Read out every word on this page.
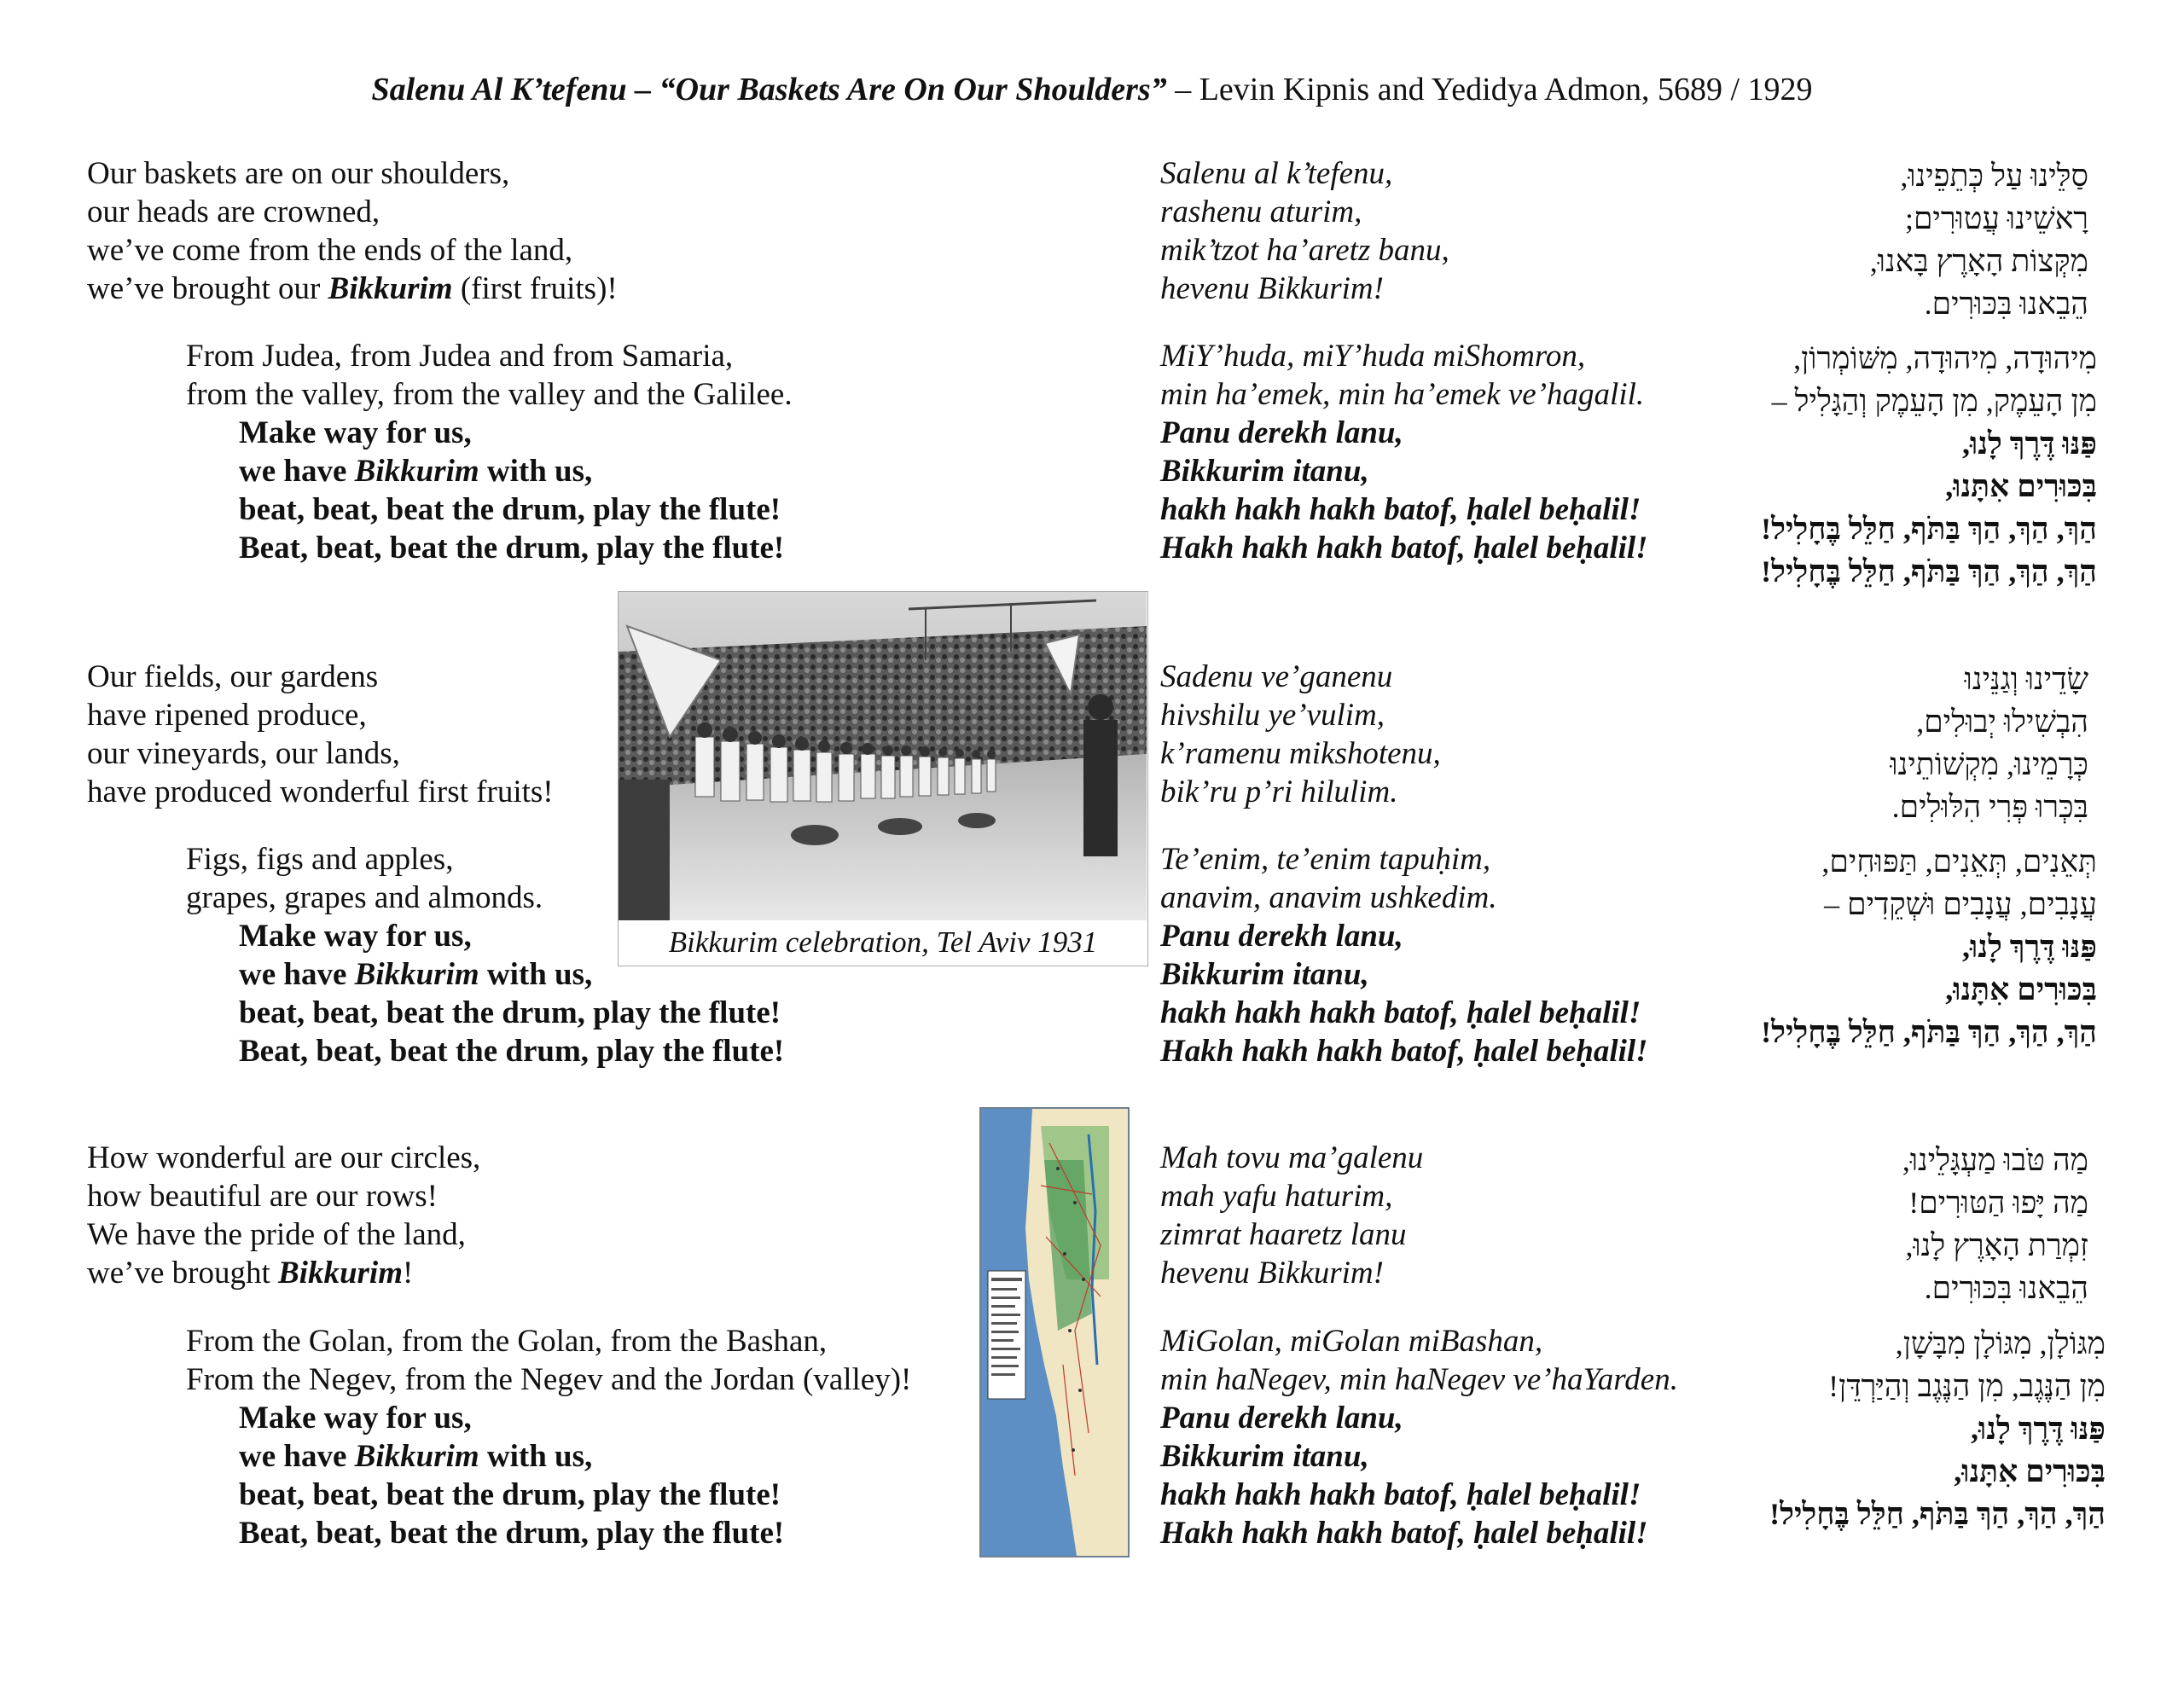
Salenu Al K’tefenu – “Our Baskets Are On Our Shoulders” – Levin Kipnis and Yedidya Admon, 5689 / 1929
Our baskets are on our shoulders,
our heads are crowned,
we’ve come from the ends of the land,
we’ve brought our Bikkurim (first fruits)!
Salenu al k’tefenu,
rashenu aturim,
mik’tzot ha’aretz banu,
hevenu Bikkurim!
סַלֵּינוּ עַל כְּתֵפֵינוּ,
רָאשֵׁינוּ עֲטוּרִים;
מִקְּצוֹת הָאָרֶץ בָּאנוּ,
הֵבֵאנוּ בִּכּוּרִים.
From Judea, from Judea and from Samaria,
from the valley, from the valley and the Galilee.
Make way for us,
we have Bikkurim with us,
beat, beat, beat the drum, play the flute!
Beat, beat, beat the drum, play the flute!
MiY’huda, miY’huda miShomron,
min ha’emek, min ha’emek ve’hagalil.
Panu derekh lanu,
Bikkurim itanu,
hakh hakh hakh batof, ḥalel beḥalil!
Hakh hakh hakh batof, ḥalel beḥalil!
מִיהוּדָה, מִיהוּדָה, מִשּׁוֹמְרוֹן,
מִן הָעֵמֶק, מִן הָעֵמֶק וְהַגָּלִיל –
פַּנּוּ דֶּרֶךְ לָנוּ,
בִּכּוּרִים אִתָּנוּ,
הַךְ, הַךְ, הַךְ בַּתֹּף, חַלֵּל בֶּחָלִיל!
הַךְ, הַךְ, הַךְ בַּתֹּף, חַלֵּל בֶּחָלִיל!
Bikkurim celebration, Tel Aviv 1931
Our fields, our gardens
have ripened produce,
our vineyards, our lands,
have produced wonderful first fruits!
Sadenu ve’ganenu
hivshilu ye’vulim,
k’ramenu mikshotenu,
bik’ru p’ri hilulim.
שָׂדֵינוּ וְגַנֵּינוּ
הִבְשִׁילוּ יְבוּלִים,
כְּרָמֵינוּ, מִקְשׁוֹתֵינוּ
בִּכְּרוּ פְּרִי הִלּוּלִים.
Figs, figs and apples,
grapes, grapes and almonds.
Make way for us,
we have Bikkurim with us,
beat, beat, beat the drum, play the flute!
Beat, beat, beat the drum, play the flute!
Te’enim, te’enim tapuḥim,
anavim, anavim ushkedim.
Panu derekh lanu,
Bikkurim itanu,
hakh hakh hakh batof, ḥalel beḥalil!
Hakh hakh hakh batof, ḥalel beḥalil!
תְּאֵנִים, תְּאֵנִים, תַּפּוּחִים,
עֲנָבִים, עֲנָבִים וּשְׁקֵדִים –
פַּנּוּ דֶּרֶךְ לָנוּ,
בִּכּוּרִים אִתָּנוּ,
הַךְ, הַךְ, הַךְ בַּתֹּף, חַלֵּל בֶּחָלִיל!
How wonderful are our circles,
how beautiful are our rows!
We have the pride of the land,
we’ve brought Bikkurim!
Mah tovu ma’galenu
mah yafu haturim,
zimrat haaretz lanu
hevenu Bikkurim!
מַה טֹּבוּ מַעְגָּלֵינוּ,
מַה יָּפוּ הַטּוּרִים!
זִמְרַת הָאָרֶץ לָנוּ,
הֵבֵאנוּ בִּכּוּרִים.
From the Golan, from the Golan, from the Bashan,
From the Negev, from the Negev and the Jordan (valley)!
Make way for us,
we have Bikkurim with us,
beat, beat, beat the drum, play the flute!
Beat, beat, beat the drum, play the flute!
MiGolan, miGolan miBashan,
min haNegev, min haNegev ve’haYarden.
Panu derekh lanu,
Bikkurim itanu,
hakh hakh hakh batof, ḥalel beḥalil!
Hakh hakh hakh batof, ḥalel beḥalil!
מִגּוֹלָן, מִגּוֹלָן מִבָּשָׁן,
מִן הַנֶּגֶב, מִן הַנֶּגֶב וְהַיַּרְדֵּן!
פַּנּוּ דֶּרֶךְ לָנוּ,
בִּכּוּרִים אִתָּנוּ,
הַךְ, הַךְ, הַךְ בַּתֹּף, חַלֵּל בֶּחָלִיל!
